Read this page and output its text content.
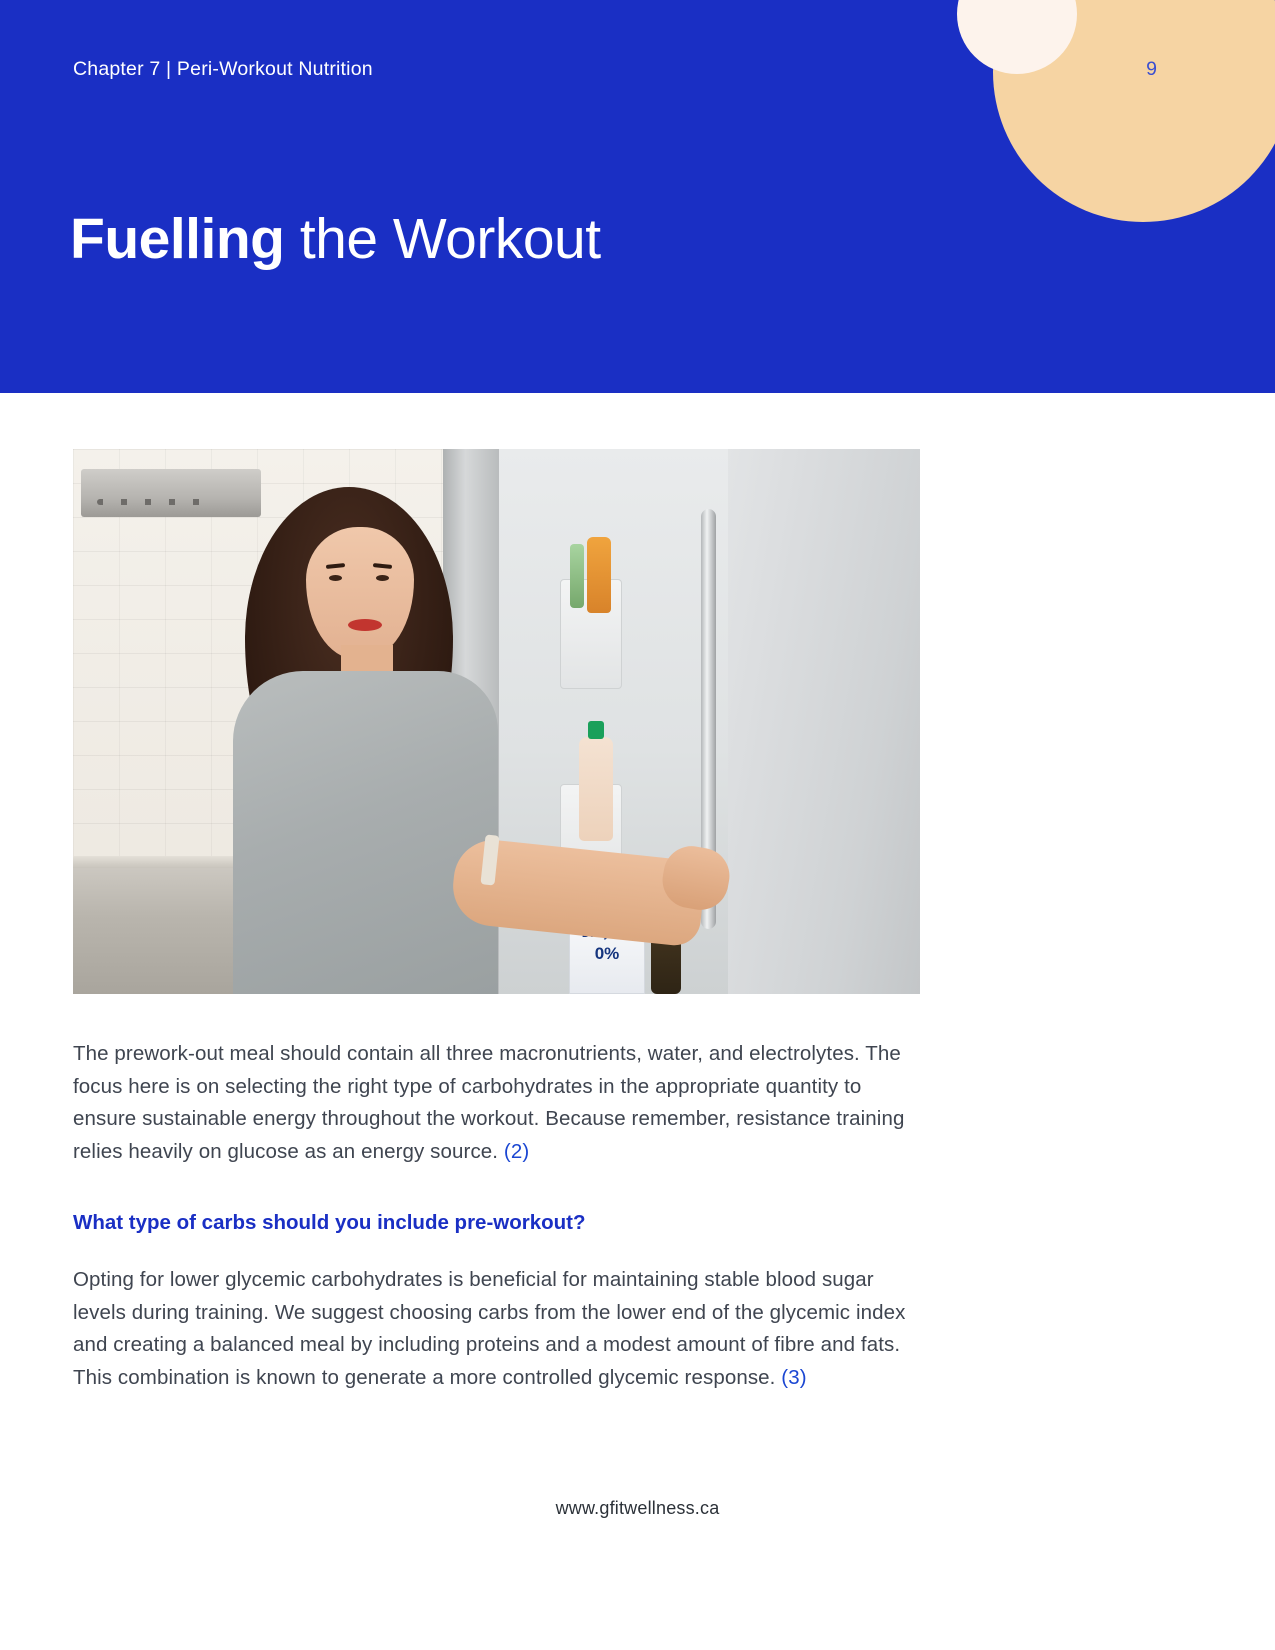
Chapter 7 | Peri-Workout Nutrition
Fuelling the Workout
9
0%

The prework-out meal should contain all three macronutrients, water, and electrolytes. The focus here is on selecting the right type of carbohydrates in the appropriate quantity to ensure sustainable energy throughout the workout. Because remember, resistance training relies heavily on glucose as an energy source. (2)

What type of carbs should you include pre-workout?

Opting for lower glycemic carbohydrates is beneficial for maintaining stable blood sugar levels during training. We suggest choosing carbs from the lower end of the glycemic index and creating a balanced meal by including proteins and a modest amount of fibre and fats. This combination is known to generate a more controlled glycemic response. (3)

www.gfitwellness.ca
